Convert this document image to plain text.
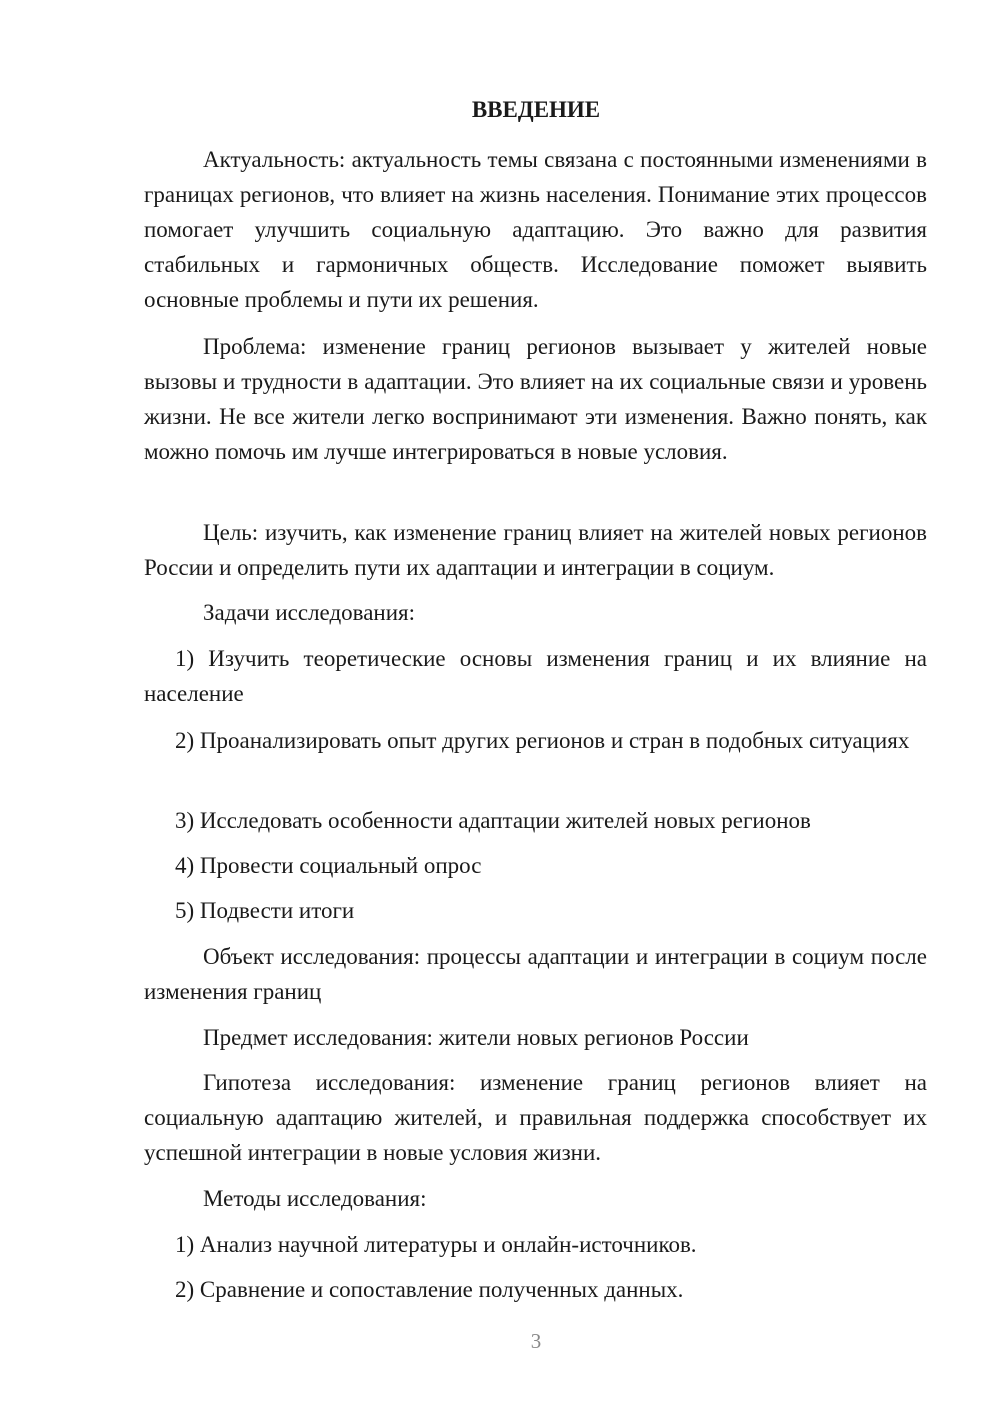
ВВЕДЕНИЕ

Актуальность: актуальность темы связана с постоянными изменениями в границах регионов, что влияет на жизнь населения. Понимание этих процессов помогает улучшить социальную адаптацию. Это важно для развития стабильных и гармоничных обществ. Исследование поможет выявить основные проблемы и пути их решения.

Проблема: изменение границ регионов вызывает у жителей новые вызовы и трудности в адаптации. Это влияет на их социальные связи и уровень жизни. Не все жители легко воспринимают эти изменения. Важно понять, как можно помочь им лучше интегрироваться в новые условия.

Цель: изучить, как изменение границ влияет на жителей новых регионов России и определить пути их адаптации и интеграции в социум.

Задачи исследования:

1) Изучить теоретические основы изменения границ и их влияние на население

2) Проанализировать опыт других регионов и стран в подобных ситуациях

3) Исследовать особенности адаптации жителей новых регионов

4) Провести социальный опрос

5) Подвести итоги

Объект исследования: процессы адаптации и интеграции в социум после изменения границ

Предмет исследования: жители новых регионов России

Гипотеза исследования: изменение границ регионов влияет на социальную адаптацию жителей, и правильная поддержка способствует их успешной интеграции в новые условия жизни.

Методы исследования:

1) Анализ научной литературы и онлайн-источников.

2) Сравнение и сопоставление полученных данных.

3
